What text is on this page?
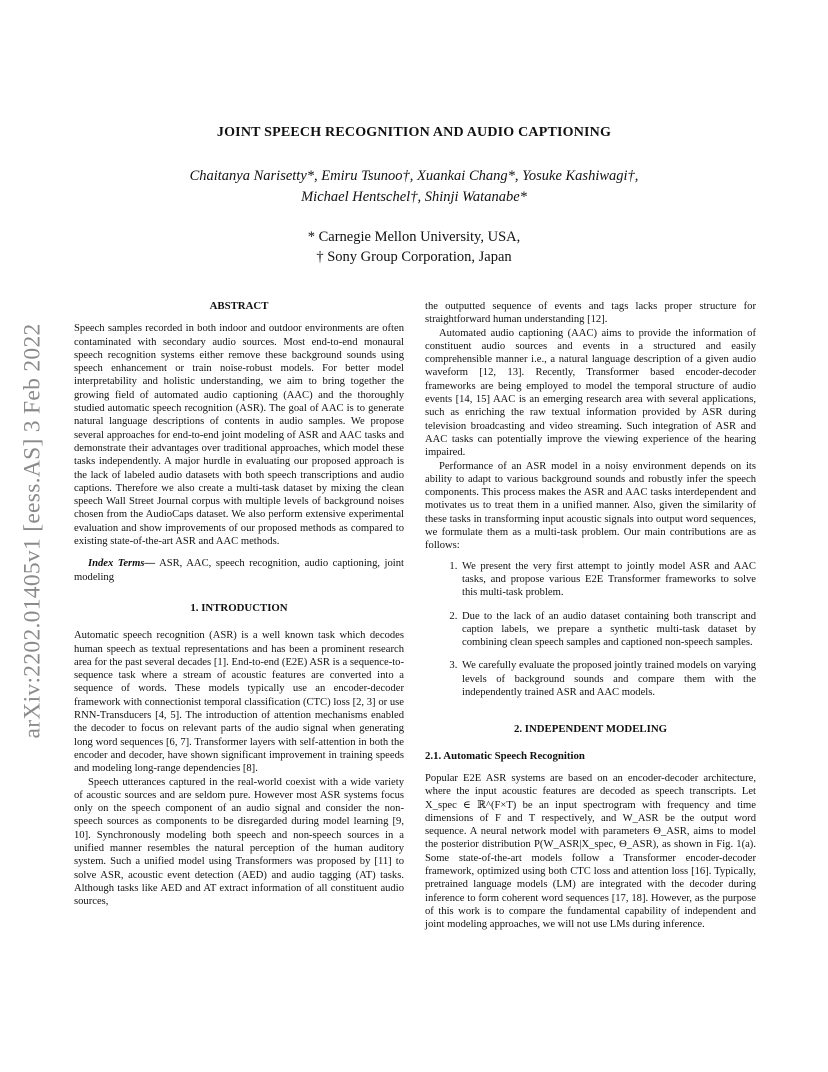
arXiv:2202.01405v1 [eess.AS] 3 Feb 2022
JOINT SPEECH RECOGNITION AND AUDIO CAPTIONING
Chaitanya Narisetty*, Emiru Tsunoo†, Xuankai Chang*, Yosuke Kashiwagi†,
Michael Hentschel†, Shinji Watanabe*
* Carnegie Mellon University, USA,
† Sony Group Corporation, Japan
ABSTRACT

Speech samples recorded in both indoor and outdoor environments are often contaminated with secondary audio sources. Most end-to-end monaural speech recognition systems either remove these background sounds using speech enhancement or train noise-robust models. For better model interpretability and holistic understanding, we aim to bring together the growing field of automated audio captioning (AAC) and the thoroughly studied automatic speech recognition (ASR). The goal of AAC is to generate natural language descriptions of contents in audio samples. We propose several approaches for end-to-end joint modeling of ASR and AAC tasks and demonstrate their advantages over traditional approaches, which model these tasks independently. A major hurdle in evaluating our proposed approach is the lack of labeled audio datasets with both speech transcriptions and audio captions. Therefore we also create a multi-task dataset by mixing the clean speech Wall Street Journal corpus with multiple levels of background noises chosen from the AudioCaps dataset. We also perform extensive experimental evaluation and show improvements of our proposed methods as compared to existing state-of-the-art ASR and AAC methods.

Index Terms— ASR, AAC, speech recognition, audio captioning, joint modeling

1. INTRODUCTION

Automatic speech recognition (ASR) is a well known task which decodes human speech as textual representations and has been a prominent research area for the past several decades [1]. End-to-end (E2E) ASR is a sequence-to-sequence task where a stream of acoustic features are converted into a sequence of words. These models typically use an encoder-decoder framework with connectionist temporal classification (CTC) loss [2, 3] or use RNN-Transducers [4, 5]. The introduction of attention mechanisms enabled the decoder to focus on relevant parts of the audio signal when generating long word sequences [6, 7]. Transformer layers with self-attention in both the encoder and decoder, have shown significant improvement in training speeds and modeling long-range dependencies [8].

Speech utterances captured in the real-world coexist with a wide variety of acoustic sources and are seldom pure. However most ASR systems focus only on the speech component of an audio signal and consider the non-speech sources as components to be disregarded during model learning [9, 10]. Synchronously modeling both speech and non-speech sources in a unified manner resembles the natural perception of the human auditory system. Such a unified model using Transformers was proposed by [11] to solve ASR, acoustic event detection (AED) and audio tagging (AT) tasks. Although tasks like AED and AT extract information of all constituent audio sources,

the outputted sequence of events and tags lacks proper structure for straightforward human understanding [12].

Automated audio captioning (AAC) aims to provide the information of constituent audio sources and events in a structured and easily comprehensible manner i.e., a natural language description of a given audio waveform [12, 13]. Recently, Transformer based encoder-decoder frameworks are being employed to model the temporal structure of audio events [14, 15] AAC is an emerging research area with several applications, such as enriching the raw textual information provided by ASR during television broadcasting and video streaming. Such integration of ASR and AAC tasks can potentially improve the viewing experience of the hearing impaired.

Performance of an ASR model in a noisy environment depends on its ability to adapt to various background sounds and robustly infer the speech components. This process makes the ASR and AAC tasks interdependent and motivates us to treat them in a unified manner. Also, given the similarity of these tasks in transforming input acoustic signals into output word sequences, we formulate them as a multi-task problem. Our main contributions are as follows:

1. We present the very first attempt to jointly model ASR and AAC tasks, and propose various E2E Transformer frameworks to solve this multi-task problem.
2. Due to the lack of an audio dataset containing both transcript and caption labels, we prepare a synthetic multi-task dataset by combining clean speech samples and captioned non-speech samples.
3. We carefully evaluate the proposed jointly trained models on varying levels of background sounds and compare them with the independently trained ASR and AAC models.
2. INDEPENDENT MODELING
2.1. Automatic Speech Recognition

Popular E2E ASR systems are based on an encoder-decoder architecture, where the input acoustic features are decoded as speech transcripts. Let X_spec ∈ ℝ^(F×T) be an input spectrogram with frequency and time dimensions of F and T respectively, and W_ASR be the output word sequence. A neural network model with parameters Θ_ASR, aims to model the posterior distribution P(W_ASR|X_spec, Θ_ASR), as shown in Fig. 1(a). Some state-of-the-art models follow a Transformer encoder-decoder framework, optimized using both CTC loss and attention loss [16]. Typically, pretrained language models (LM) are integrated with the decoder during inference to form coherent word sequences [17, 18]. However, as the purpose of this work is to compare the fundamental capability of independent and joint modeling approaches, we will not use LMs during inference.
